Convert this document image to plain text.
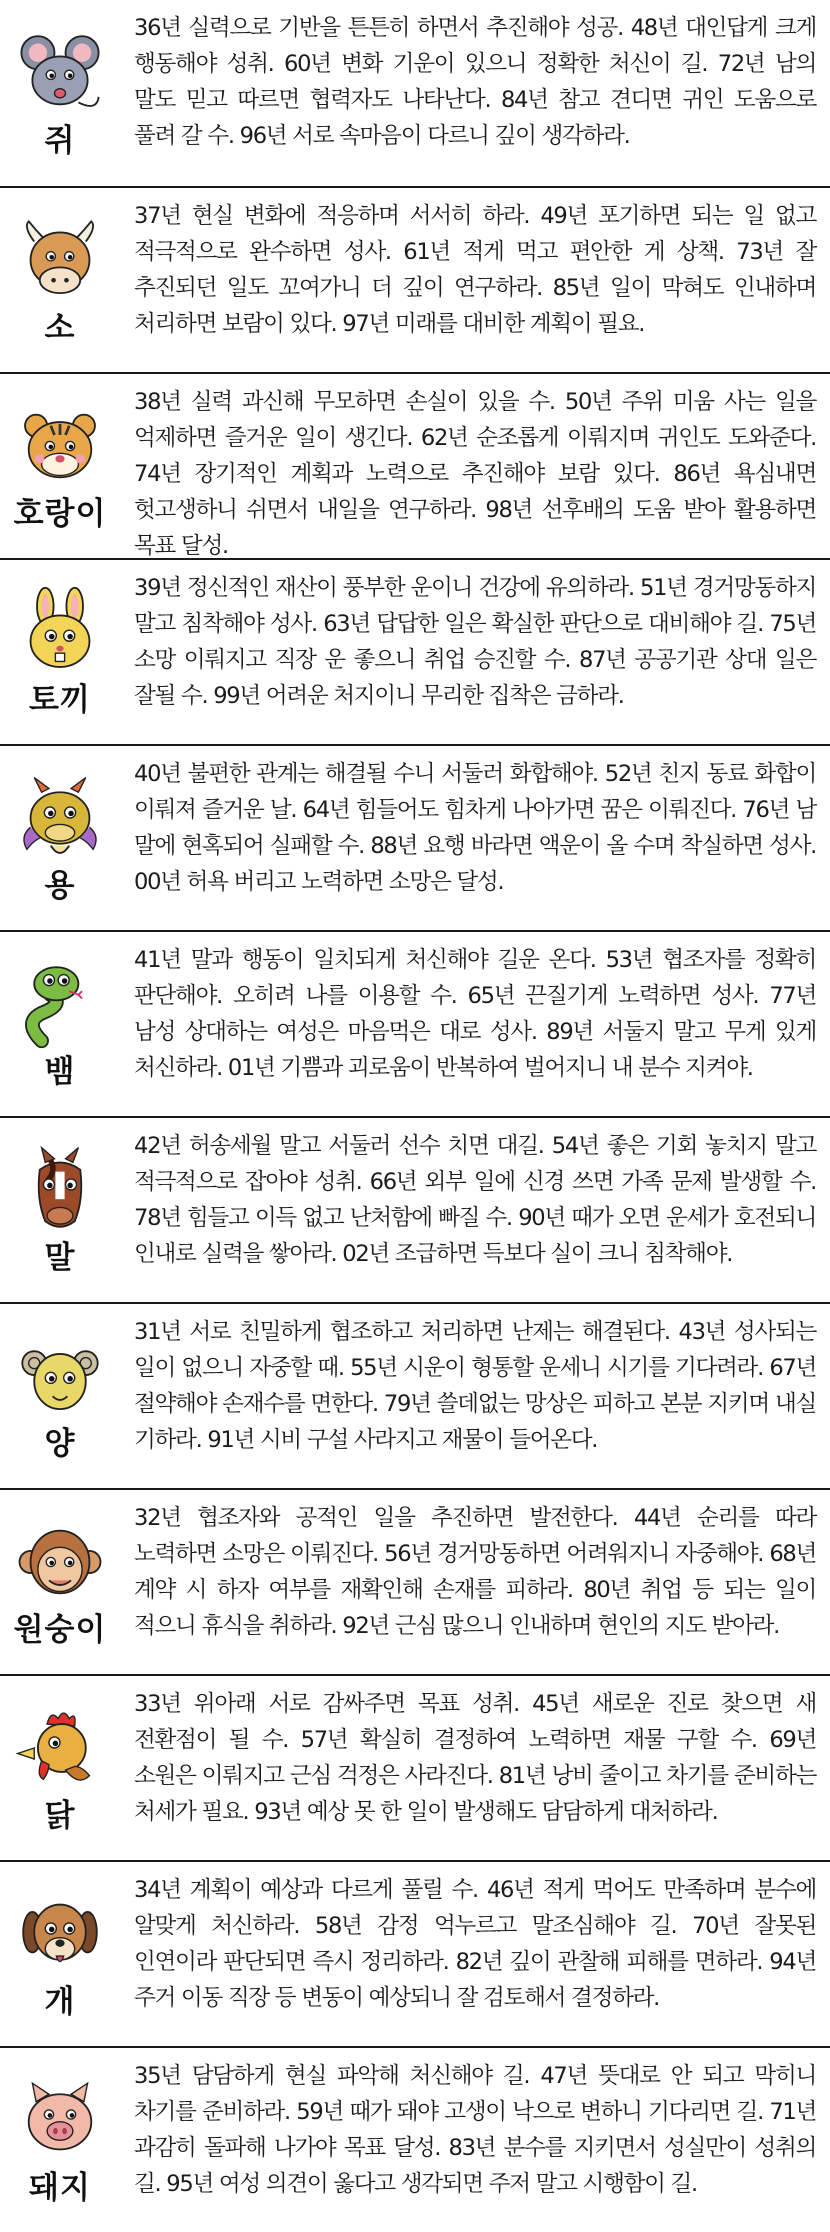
쥐
36년 실력으로 기반을 튼튼히 하면서 추진해야 성공. 48년 대인답게 크게 행동해야 성취. 60년 변화 기운이 있으니 정확한 처신이 길. 72년 남의 말도 믿고 따르면 협력자도 나타난다. 84년 참고 견디면 귀인 도움으로 풀려 갈 수. 96년 서로 속마음이 다르니 깊이 생각하라.
소
37년 현실 변화에 적응하며 서서히 하라. 49년 포기하면 되는 일 없고 적극적으로 완수하면 성사. 61년 적게 먹고 편안한 게 상책. 73년 잘 추진되던 일도 꼬여가니 더 깊이 연구하라. 85년 일이 막혀도 인내하며 처리하면 보람이 있다. 97년 미래를 대비한 계획이 필요.
호랑이
38년 실력 과신해 무모하면 손실이 있을 수. 50년 주위 미움 사는 일을 억제하면 즐거운 일이 생긴다. 62년 순조롭게 이뤄지며 귀인도 도와준다. 74년 장기적인 계획과 노력으로 추진해야 보람 있다. 86년 욕심내면 헛고생하니 쉬면서 내일을 연구하라. 98년 선후배의 도움 받아 활용하면 목표 달성.
토끼
39년 정신적인 재산이 풍부한 운이니 건강에 유의하라. 51년 경거망동하지 말고 침착해야 성사. 63년 답답한 일은 확실한 판단으로 대비해야 길. 75년 소망 이뤄지고 직장 운 좋으니 취업 승진할 수. 87년 공공기관 상대 일은 잘될 수. 99년 어려운 처지이니 무리한 집착은 금하라.
용
40년 불편한 관계는 해결될 수니 서둘러 화합해야. 52년 친지 동료 화합이 이뤄져 즐거운 날. 64년 힘들어도 힘차게 나아가면 꿈은 이뤄진다. 76년 남 말에 현혹되어 실패할 수. 88년 요행 바라면 액운이 올 수며 착실하면 성사. 00년 허욕 버리고 노력하면 소망은 달성.
뱀
41년 말과 행동이 일치되게 처신해야 길운 온다. 53년 협조자를 정확히 판단해야. 오히려 나를 이용할 수. 65년 끈질기게 노력하면 성사. 77년 남성 상대하는 여성은 마음먹은 대로 성사. 89년 서둘지 말고 무게 있게 처신하라. 01년 기쁨과 괴로움이 반복하여 벌어지니 내 분수 지켜야.
말
42년 허송세월 말고 서둘러 선수 치면 대길. 54년 좋은 기회 놓치지 말고 적극적으로 잡아야 성취. 66년 외부 일에 신경 쓰면 가족 문제 발생할 수. 78년 힘들고 이득 없고 난처함에 빠질 수. 90년 때가 오면 운세가 호전되니 인내로 실력을 쌓아라. 02년 조급하면 득보다 실이 크니 침착해야.
양
31년 서로 친밀하게 협조하고 처리하면 난제는 해결된다. 43년 성사되는 일이 없으니 자중할 때. 55년 시운이 형통할 운세니 시기를 기다려라. 67년 절약해야 손재수를 면한다. 79년 쓸데없는 망상은 피하고 본분 지키며 내실 기하라. 91년 시비 구설 사라지고 재물이 들어온다.
원숭이
32년 협조자와 공적인 일을 추진하면 발전한다. 44년 순리를 따라 노력하면 소망은 이뤄진다. 56년 경거망동하면 어려워지니 자중해야. 68년 계약 시 하자 여부를 재확인해 손재를 피하라. 80년 취업 등 되는 일이 적으니 휴식을 취하라. 92년 근심 많으니 인내하며 현인의 지도 받아라.
닭
33년 위아래 서로 감싸주면 목표 성취. 45년 새로운 진로 찾으면 새 전환점이 될 수. 57년 확실히 결정하여 노력하면 재물 구할 수. 69년 소원은 이뤄지고 근심 걱정은 사라진다. 81년 낭비 줄이고 차기를 준비하는 처세가 필요. 93년 예상 못 한 일이 발생해도 담담하게 대처하라.
개
34년 계획이 예상과 다르게 풀릴 수. 46년 적게 먹어도 만족하며 분수에 알맞게 처신하라. 58년 감정 억누르고 말조심해야 길. 70년 잘못된 인연이라 판단되면 즉시 정리하라. 82년 깊이 관찰해 피해를 면하라. 94년 주거 이동 직장 등 변동이 예상되니 잘 검토해서 결정하라.
돼지
35년 담담하게 현실 파악해 처신해야 길. 47년 뜻대로 안 되고 막히니 차기를 준비하라. 59년 때가 돼야 고생이 낙으로 변하니 기다리면 길. 71년 과감히 돌파해 나가야 목표 달성. 83년 분수를 지키면서 성실만이 성취의 길. 95년 여성 의견이 옳다고 생각되면 주저 말고 시행함이 길.
